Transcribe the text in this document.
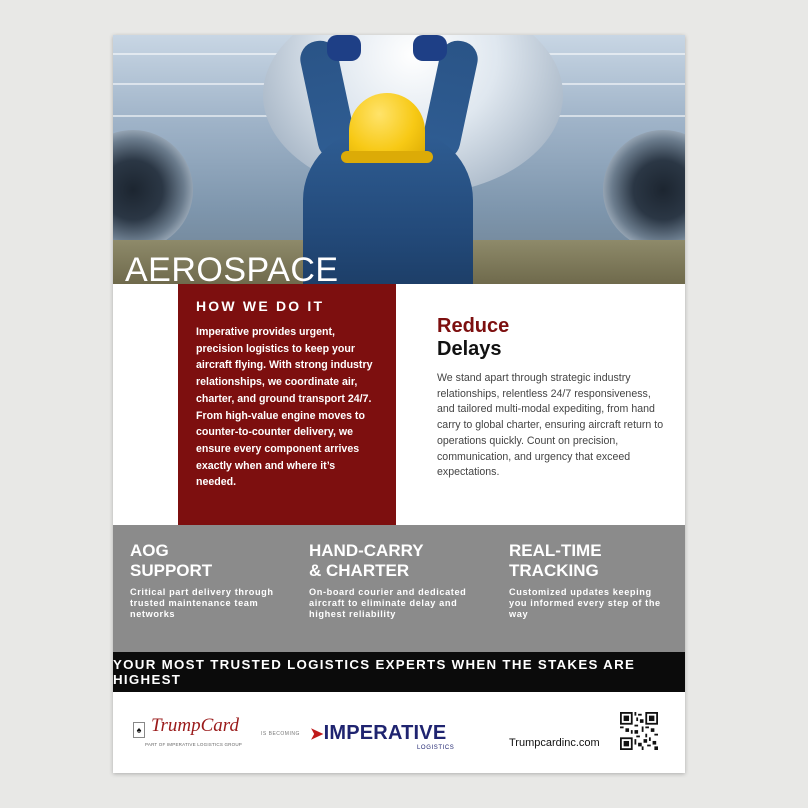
AEROSPACE
HOW WE DO IT
Imperative provides urgent, precision logistics to keep your aircraft flying. With strong industry relationships, we coordinate air, charter, and ground transport 24/7. From high-value engine moves to counter-to-counter delivery, we ensure every component arrives exactly when and where it’s needed.
Reduce
Delays
We stand apart through strategic industry relationships, relentless 24/7 responsiveness, and tailored multi-modal expediting, from hand carry to global charter, ensuring aircraft return to operations quickly. Count on precision, communication, and urgency that exceed expectations.
AOG
SUPPORT
Critical part delivery through trusted maintenance team networks
HAND-CARRY
& CHARTER
On-board courier and dedicated aircraft to eliminate delay and highest reliability
REAL-TIME
TRACKING
Customized updates keeping you informed every step of the way
YOUR MOST TRUSTED LOGISTICS EXPERTS WHEN THE STAKES ARE HIGHEST
♠ TrumpCard
PART OF IMPERATIVE LOGISTICS GROUP
IS BECOMING ➤IMPERATIVE
LOGISTICS	Trumpcardinc.com
